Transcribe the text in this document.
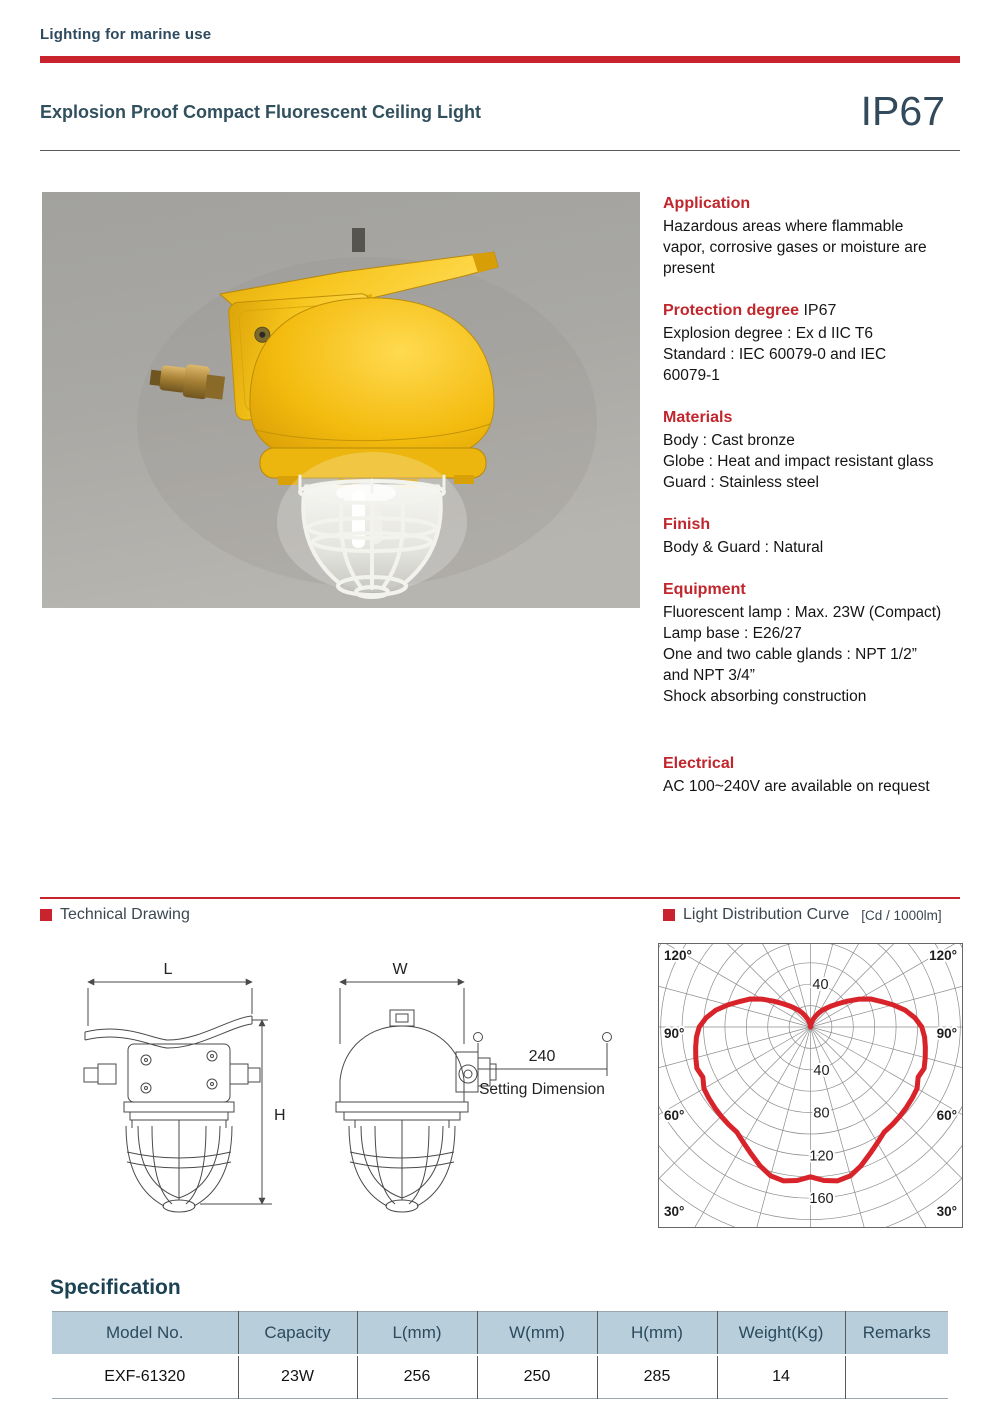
Lighting for marine use
Explosion Proof Compact Fluorescent Ceiling Light	IP67
Application
Hazardous areas where flammable
vapor, corrosive gases or moisture are
present
Protection degree IP67
Explosion degree : Ex d IIC T6
Standard : IEC 60079-0 and IEC
60079-1
Materials
Body : Cast bronze
Globe : Heat and impact resistant glass
Guard : Stainless steel
Finish
Body & Guard : Natural
Equipment
Fluorescent lamp : Max. 23W (Compact)
Lamp base : E26/27
One and two cable glands : NPT 1/2”
and NPT 3/4”
Shock absorbing construction
Electrical
AC 100~240V are available on request
Technical Drawing	Light Distribution Curve [Cd / 1000lm]
L
H
W
240
Setting Dimension
40
40
80
120
160
120°	120°
90°	90°
60°	60°
30°	30°
Specification
Model No.	Capacity	L(mm)	W(mm)	H(mm)	Weight(Kg)	Remarks
EXF-61320	23W	256	250	285	14	
